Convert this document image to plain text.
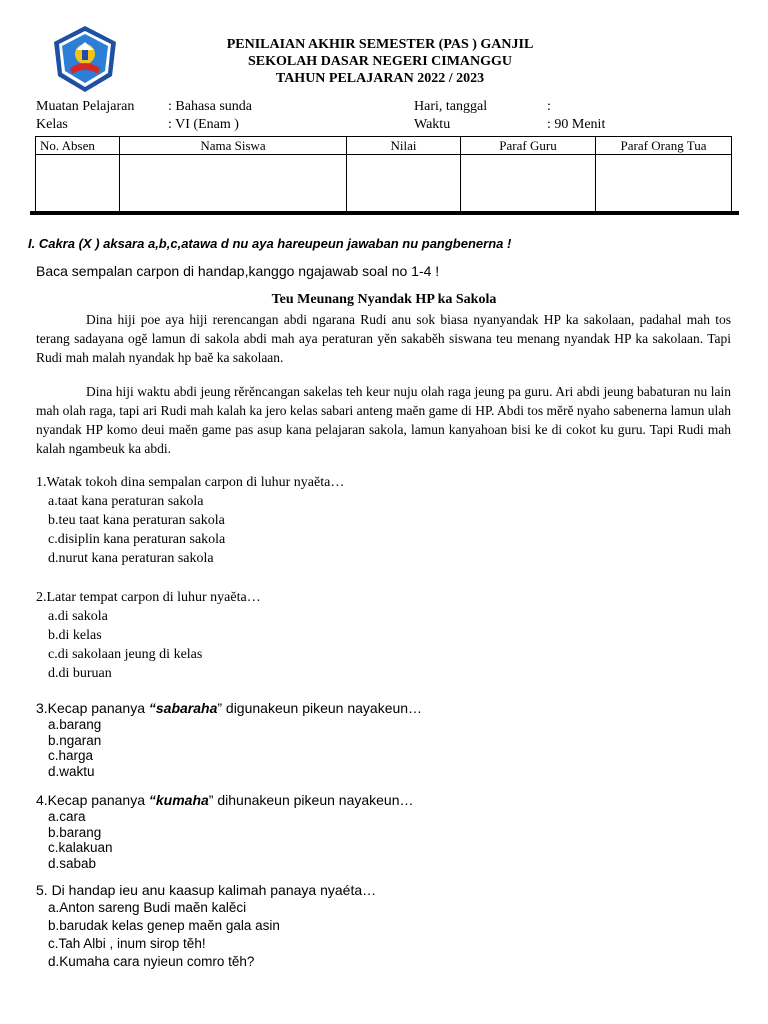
PENILAIAN AKHIR SEMESTER (PAS ) GANJIL
SEKOLAH DASAR NEGERI CIMANGGU
TAHUN PELAJARAN 2022 / 2023
Muatan Pelajaran : Bahasa sunda	Hari, tanggal	:
Kelas	: VI (Enam )	Waktu	: 90 Menit
No. Absen	Nama Siswa	Nilai	Paraf Guru	Paraf Orang Tua

I. Cakra (X ) aksara a,b,c,atawa d nu aya hareupeun jawaban nu pangbenerna !
Baca sempalan carpon di handap,kanggo ngajawab soal no 1-4 !
Teu Meunang Nyandak HP ka Sakola

Dina hiji poe aya hiji rerencangan abdi ngarana Rudi anu sok biasa nyanyandak HP ka sakolaan, padahal mah tos terang sadayana ogĕ lamun di sakola abdi mah aya peraturan yĕn sakabĕh siswana teu menang nyandak HP ka sakolaan. Tapi Rudi mah malah nyandak hp baĕ ka sakolaan.

Dina hiji waktu abdi jeung rĕrĕncangan sakelas teh keur nuju olah raga jeung pa guru. Ari abdi jeung babaturan nu lain mah olah raga, tapi ari Rudi mah kalah ka jero kelas sabari anteng maĕn game di HP. Abdi tos mĕrĕ nyaho sabenerna lamun ulah nyandak HP komo deui maĕn game pas asup kana pelajaran sakola, lamun kanyahoan bisi ke di cokot ku guru. Tapi Rudi mah kalah ngambeuk ka abdi.

1.Watak tokoh dina sempalan carpon di luhur nyaĕta…
a.taat kana peraturan sakola
b.teu taat kana peraturan sakola
c.disiplin kana peraturan sakola
d.nurut kana peraturan sakola
2.Latar tempat carpon di luhur nyaĕta…
a.di sakola
b.di kelas
c.di sakolaan jeung di kelas
d.di buruan
3.Kecap pananya “sabaraha” digunakeun pikeun nayakeun…
a.barang
b.ngaran
c.harga
d.waktu
4.Kecap pananya “kumaha” dihunakeun pikeun nayakeun…
a.cara
b.barang
c.kalakuan
d.sabab
5. Di handap ieu anu kaasup kalimah panaya nyaéta…
a.Anton sareng Budi maĕn kalĕci
b.barudak kelas genep maĕn gala asin
c.Tah Albi , inum sirop tĕh!
d.Kumaha cara nyieun comro tĕh?
